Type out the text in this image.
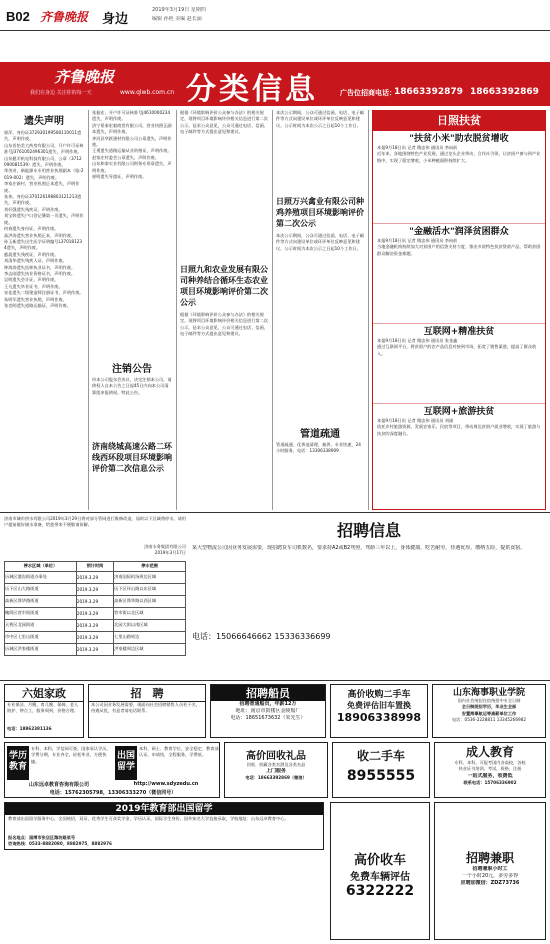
B02 齐鲁晚报 身边
2019年3月19日 星期四
编辑 孙艳 美编 赵长涌
齐鲁晚报
我们在身边 关注你的每一天	www.qlwb.com.cn 分类信息	广告位招商电话：
18663392879 18663392869
遗失声明
郭萍，身份证372930199508110011遗失，声明作废。
山东晋怡美大药房有限公司，开户许可证核准号J3761002496301遗失，声明作废。
山东慈羊机电科技有限公司，公章（3712090081539）遗失，声明作废。
荣茂奇，新能源车专用营业执照副本（临-2019-002）遗失，声明作废。
李家庄新村，营业执照正本遗失，声明作废。
朱伟，身份证370126198803121213遗失，声明作废。
刘好强遗失残疾证，声明作废。
刘宝婷遗失户口登记簿第一页遗失，声明作废。
何春遗失身份证，声明作废。
高洪涛遗失营业执照正本，声明作废。
孙玉新遗失出生医学证明编号L370181234遗失，声明作废。
慈晨遗失残疾证，声明作废。
刘清华遗失残疾人证，声明作废。
钟海涛遗失医师执业证书，声明作废。
李志刚遗失执业资格证书，声明作废。
吴明遗失会计证，声明作废。
王凡遗失毕业证书，声明作废。
宋佳遗失二级建造师注册证书，声明作废。
朱明军遗失营业执照，声明作废。
张克明遗失道路运输证，声明作废。
张振宏，开户许可证核准号J4610000234遗失，声明作废。
济宁景泰宏毅商贸有限公司，营业执照正副本遗失，声明作废。
齐河县华跃建材有限公司公章遗失，声明作废。
王勇遗失道路运输从业资格证，声明作废。
赵家庄村委会公章遗失，声明作废。
山东和泰实业有限公司财务专用章遗失，声明作废。
崔明遗失导游证，声明作废。
注销公告
经本公司股东会决议，决定注销本公司，请债权人自本公告之日起45日内向本公司清算组申报债权。特此公告。
济南绕城高速公路二环线西环段项目环境影响评价第二次信息公示
根据《环境影响评价公众参与办法》的相关规定，现将项目环境影响评价相关信息进行第二次公示，征求公众意见，公众可通过电话、信函、电子邮件等方式提出意见和建议。
日照九和农业发展有限公司种养结合循环生态农业项目环境影响评价第二次公示
根据《环境影响评价公众参与办法》的相关规定，现将项目环境影响评价相关信息进行第二次公示，征求公众意见，公众可通过电话、信函、电子邮件等方式提出意见和建议。
本次公示期间，公众可通过信函、电话、电子邮件等方式向建设单位或环评单位反映意见和建议。公示时间为本次公示之日起10个工作日。
日照万兴禽业有限公司种鸡养殖项目环境影响评价第二次公示
本次公示期间，公众可通过信函、电话、电子邮件等方式向建设单位或环评单位反映意见和建议。公示时间为本次公示之日起10个工作日。
管道疏通
管道疏通、化粪池清理、抽粪，专业快速，24小时服务，电话：13306338909
日照扶贫
"扶贫小米"助农脱贫增收
本报9月18日讯 记者 隋忠伟 通讯员 李向前
近年来，各地围绕特色产业发展，通过龙头企业带动、合作社引领，让贫困户参与到产业链中，实现了稳定增收，小米种植面积持续扩大。
"金融活水"润泽贫困群众
本报9月18日讯 记者 隋忠伟 通讯员 李向前
当地金融机构持续加大对贫困户的信贷支持力度，推出多款特色扶贫贷款产品，帮助贫困群众解决资金难题。
互联网+精准扶贫
本报9月18日讯 记者 隋忠伟 通讯员 张金鑫
通过互联网平台，将贫困户的农产品信息对接到市场，拓宽了销售渠道，提高了群众收入。
互联网+旅游扶贫
本报9月18日讯 记者 隋忠伟 通讯员 刘刚
依托乡村旅游资源，发展农家乐、民宿等项目，带动周边贫困户就业增收，实现了旅游与扶贫的深度融合。
济南市城市供水有限公司2019年3月29日将对部分管网进行维修改造，届时以下区域将停水，请用户提前做好储水准备，给您带来不便敬请谅解。
济南水务集团有限公司
2019年3月17日
停水区域（单位）	预计时间	停水范围
历城区港沟街道办事处	2019.3.29	济南国际机场周边区域
历下区山大路街道	2019.3.29	历下区环山路以东区域
高新区舜华路街道	2019.3.29	高新区舜华路以西区域
槐荫区营市街街道	2019.3.29	营市街以北区域
天桥区北园街道	2019.3.29	北园大街以南区域
市中区七里山街道	2019.3.29	七里山路周边
历城区洪家楼街道	2019.3.29	洪家楼周边区域
招聘信息
某大型物流公司因业务发展需要，现招聘货车司机数名，要求持A2或B2驾照，驾龄三年以上，身体健康，吃苦耐劳，待遇优厚，缴纳五险，提供食宿。
电话：15066646662 15336336699
六姐家政
专业保洁、月嫂、育儿嫂、保姆、老人陪护、钟点工，服务周到，价格合理。
电话：18862381136
招　聘
本公司因业务发展需要，现面向社会招聘销售人员若干名，待遇从优，有意者请电话联系。
招聘船员
招聘普通船员，年薪12万
地址：南京市鼓楼区金陵船厂
电话：18651673632（朱先生）
高价收购二手车
免费评估旧车置换
18906338998
山东海事职业学院
国内社会统招住宿统招中专全日制
全日制统招学历，毕业生全部
安置海事航运等高薪单位工作
电话：0536-2228811 13345266982
学历教育
专科、本科，学信网可查，国家承认学历，学费分期，专业齐全，轻松毕业，方便快捷。
出国留学
本科、硕士、教育学位，安全稳定，教育部认证，申请快，全程服务，学费低。
山东远卓教育咨询有限公司	http://www.sdyzedu.cn
电话：15762305798，13306333270（微信同号）
高价回收礼品
回收、收藏各类名酒及各类名品
上门服务
电话：18663392869（微信）
收二手车
8955555
成人教育
专科、本科，可报考国内各高校，各校
执业证书培训，考试，资格，注册
一站式服务，收费低
联系电话：15706336902
2019年教育部出国留学
教育部出国留学服务中心，全国统招，双证，优秀学生可获奖学金，学历认证，国际学生身份，国外知名大学直接录取，学校地址：山东远卓教育中心。
报名地点：淄博市张店区潍坊路某号
咨询热线：0533-8882080，8882975，8882976
高价收车
免费车辆评估
6322222
招聘兼职
招聘兼职小时工
一个小时20元，多劳多得
应聘加微信：ZDZ73736
